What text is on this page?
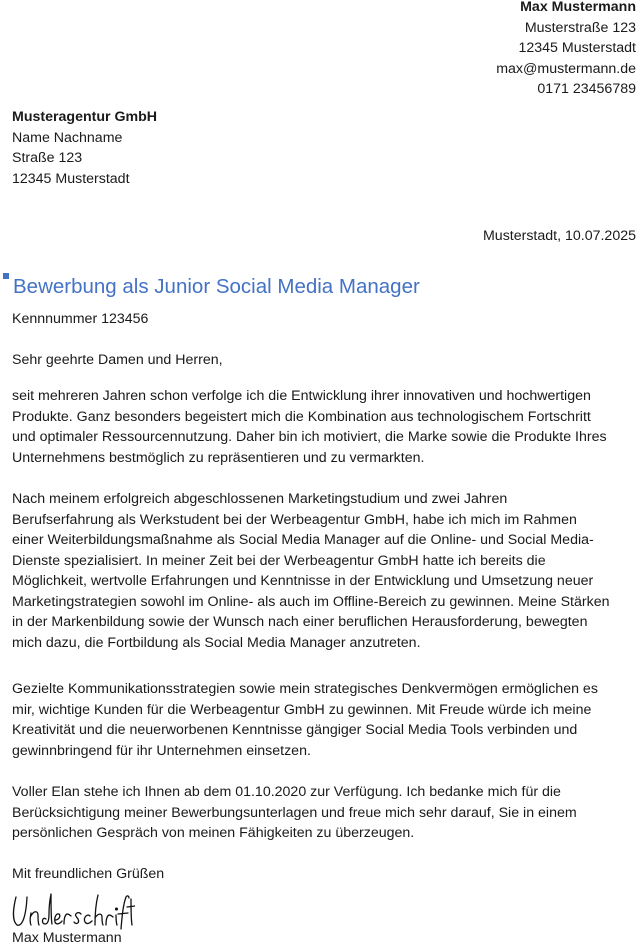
Max Mustermann
Musterstraße 123
12345 Musterstadt
max@mustermann.de
0171 23456789
Musteragentur GmbH
Name Nachname
Straße 123
12345 Musterstadt
Musterstadt, 10.07.2025
Bewerbung als Junior Social Media Manager
Kennnummer 123456
Sehr geehrte Damen und Herren,
seit mehreren Jahren schon verfolge ich die Entwicklung ihrer innovativen und hochwertigen
Produkte. Ganz besonders begeistert mich die Kombination aus technologischem Fortschritt
und optimaler Ressourcennutzung. Daher bin ich motiviert, die Marke sowie die Produkte Ihres
Unternehmens bestmöglich zu repräsentieren und zu vermarkten.
Nach meinem erfolgreich abgeschlossenen Marketingstudium und zwei Jahren
Berufserfahrung als Werkstudent bei der Werbeagentur GmbH, habe ich mich im Rahmen
einer Weiterbildungsmaßnahme als Social Media Manager auf die Online- und Social Media-
Dienste spezialisiert. In meiner Zeit bei der Werbeagentur GmbH hatte ich bereits die
Möglichkeit, wertvolle Erfahrungen und Kenntnisse in der Entwicklung und Umsetzung neuer
Marketingstrategien sowohl im Online- als auch im Offline-Bereich zu gewinnen. Meine Stärken
in der Markenbildung sowie der Wunsch nach einer beruflichen Herausforderung, bewegten
mich dazu, die Fortbildung als Social Media Manager anzutreten.
Gezielte Kommunikationsstrategien sowie mein strategisches Denkvermögen ermöglichen es
mir, wichtige Kunden für die Werbeagentur GmbH zu gewinnen. Mit Freude würde ich meine
Kreativität und die neuerworbenen Kenntnisse gängiger Social Media Tools verbinden und
gewinnbringend für ihr Unternehmen einsetzen.
Voller Elan stehe ich Ihnen ab dem 01.10.2020 zur Verfügung. Ich bedanke mich für die
Berücksichtigung meiner Bewerbungsunterlagen und freue mich sehr darauf, Sie in einem
persönlichen Gespräch von meinen Fähigkeiten zu überzeugen.
Mit freundlichen Grüßen
Max Mustermann
